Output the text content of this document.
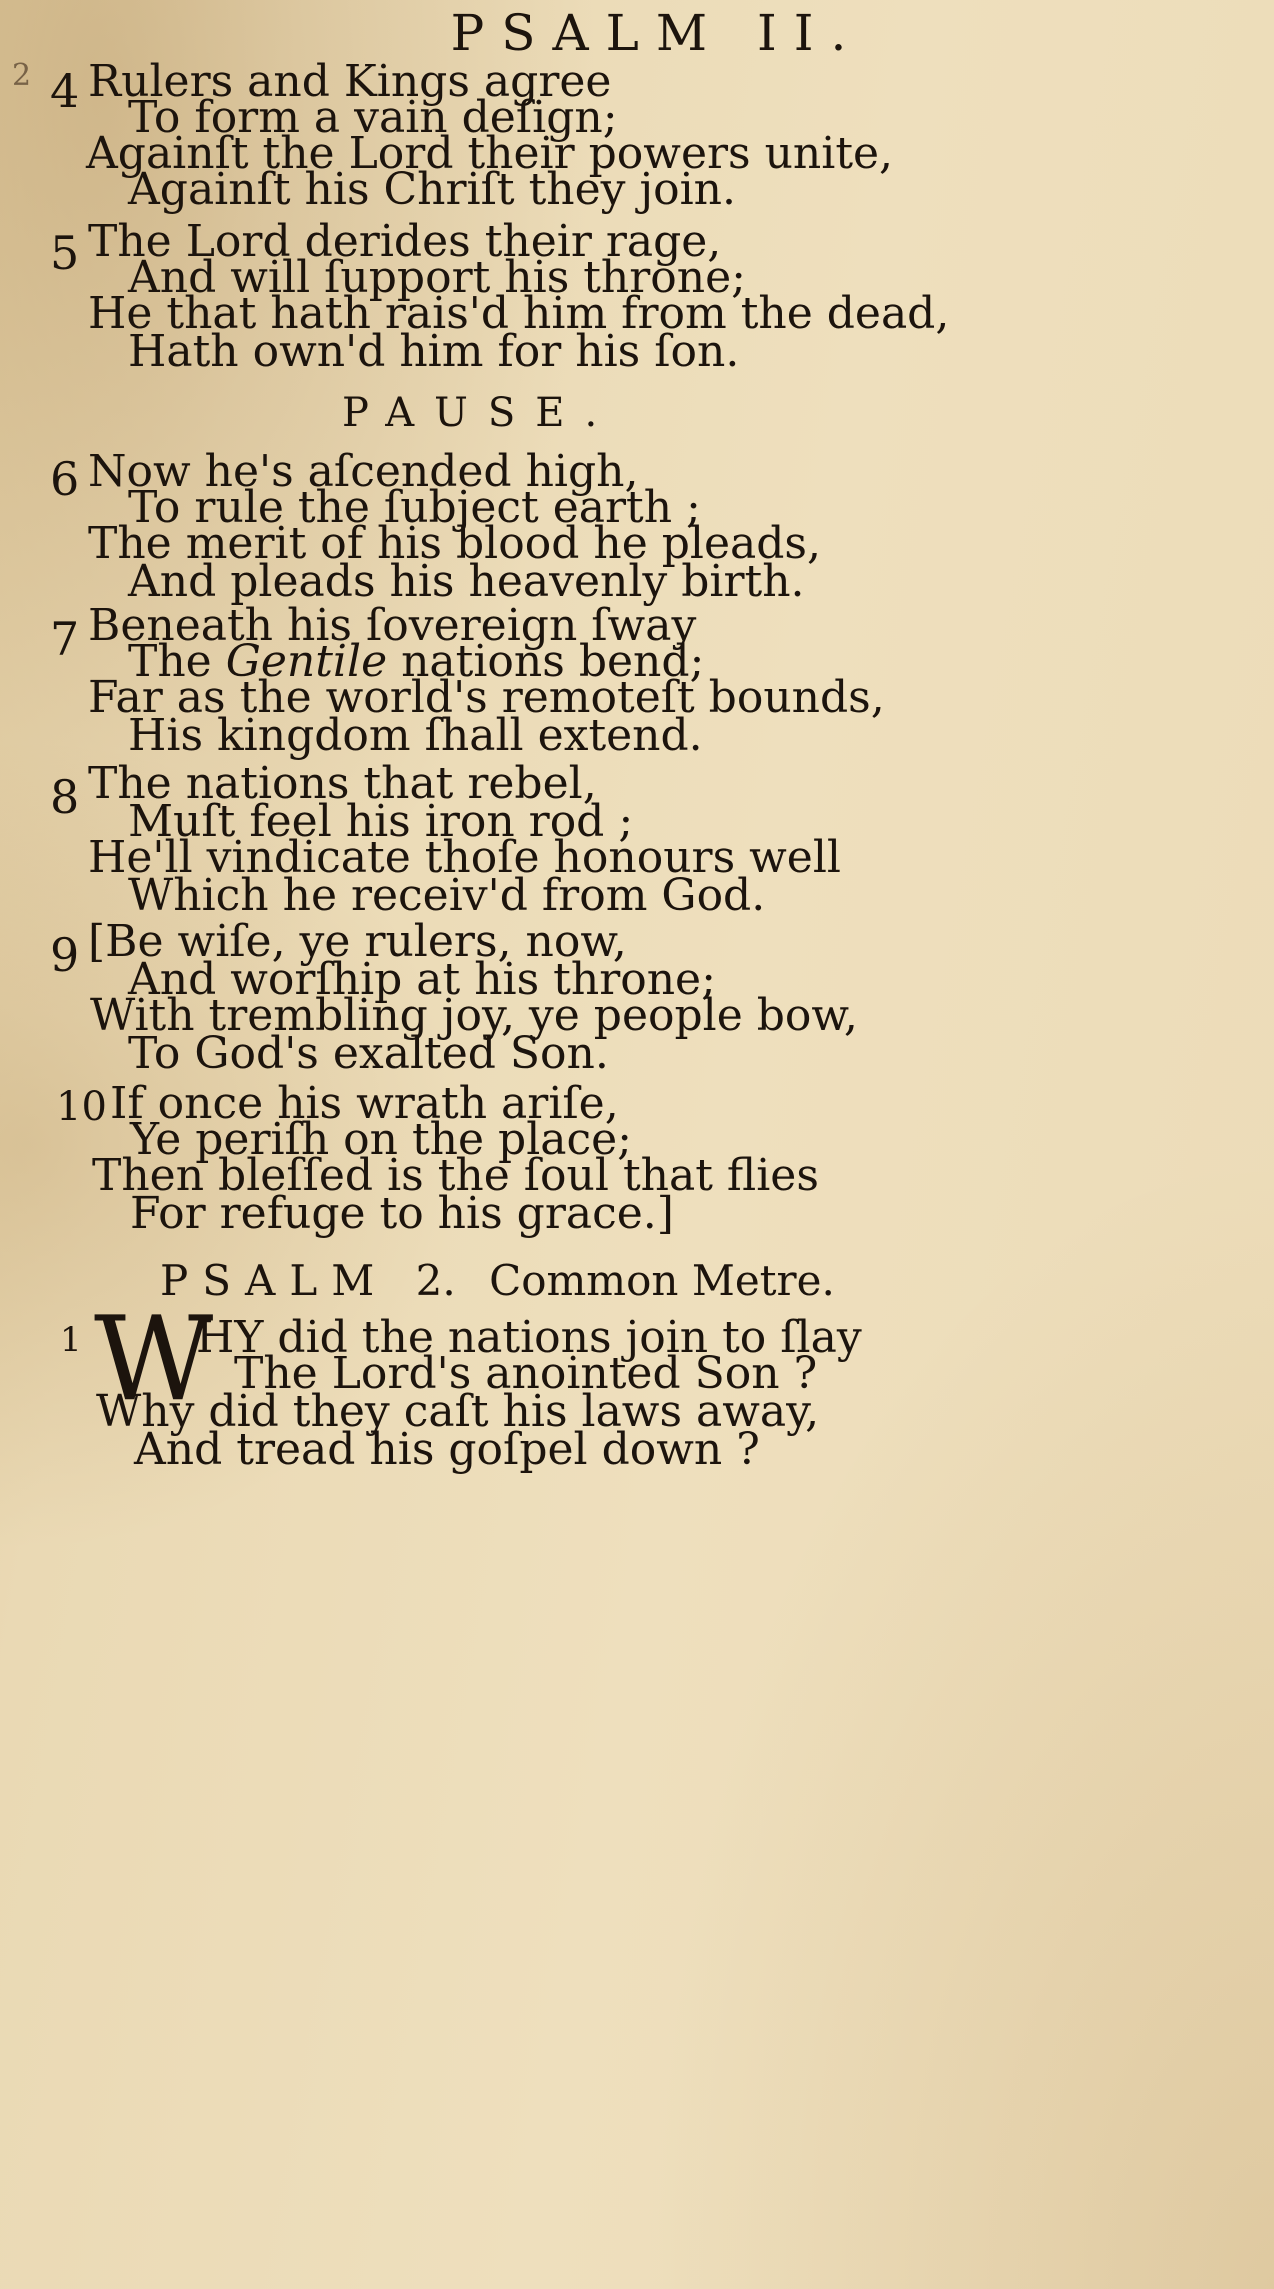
PSALM II.
2 4 Rulers and Kings agree
To form a vain deſign;
Againſt the Lord their powers unite,
Againſt his Chriſt they join.
5 The Lord derides their rage,
And will ſupport his throne;
He that hath rais'd him from the dead,
Hath own'd him for his ſon.
PAUSE.
6 Now he's aſcended high,
To rule the ſubject earth ;
The merit of his blood he pleads,
And pleads his heavenly birth.
7 Beneath his ſovereign ſway
The Gentile nations bend;
Far as the world's remoteſt bounds,
His kingdom ſhall extend.
8 The nations that rebel,
Muſt feel his iron rod ;
He'll vindicate thoſe honours well
Which he receiv'd from God.
9 [Be wiſe, ye rulers, now,
And worſhip at his throne;
With trembling joy, ye people bow,
To God's exalted Son.
10 If once his wrath ariſe,
Ye periſh on the place;
Then bleſſed is the ſoul that flies
For refuge to his grace.]
PSALM 2. Common Metre.
1 W
HY did the nations join to ſlay
The Lord's anointed Son ?
Why did they caſt his laws away,
And tread his goſpel down ?
